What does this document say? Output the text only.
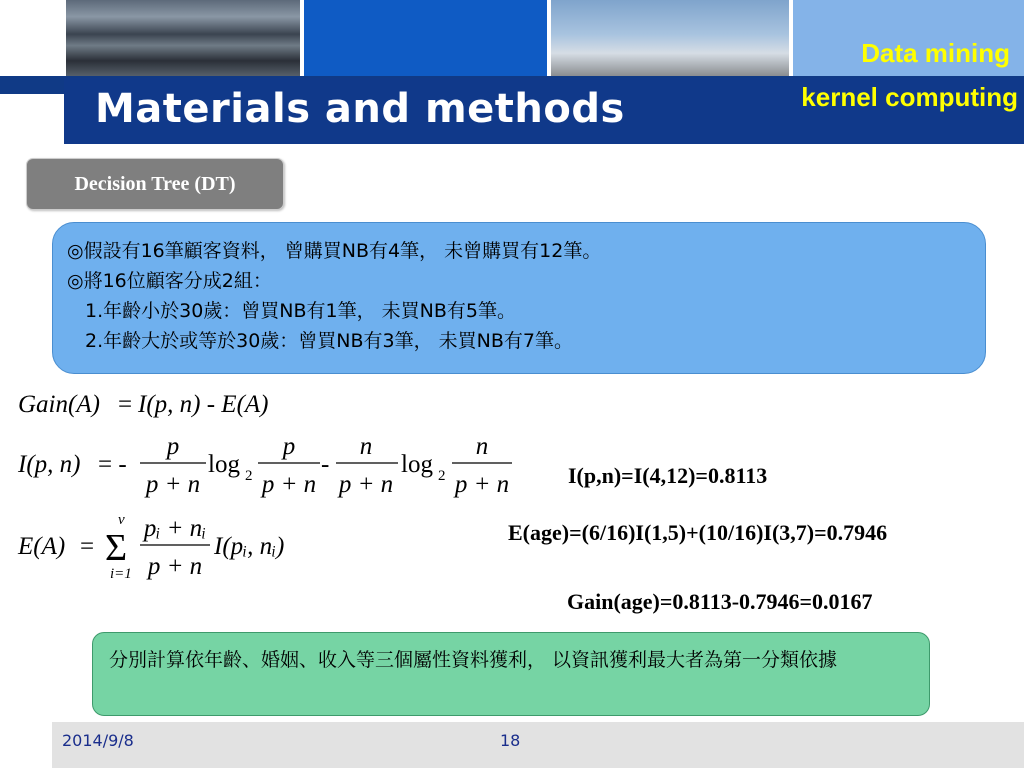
Materials and methods

Data mining

kernel computing

Decision Tree (DT)
◎假設有16筆顧客資料， 曾購買NB有4筆， 未曾購買有12筆。
◎將16位顧客分成2組：
1.年齡小於30歲：曾買NB有1筆， 未買NB有5筆。
2.年齡大於或等於30歲：曾買NB有3筆， 未買NB有7筆。
Gain(A) = I(p, n) - E(A)
I(p, n) = -
p
p + n
log 2
p
p + n
-
n
p + n
log 2
n
p + n
E(A) =
v
Σ
i=1
pᵢ + nᵢ
p + n
I(pᵢ, nᵢ)

I(p,n)=I(4,12)=0.8113

E(age)=(6/16)I(1,5)+(10/16)I(3,7)=0.7946

Gain(age)=0.8113-0.7946=0.0167

分別計算依年齡、婚姻、收入等三個屬性資料獲利， 以資訊獲利最大者為第一分類依據
2014/9/8	18
